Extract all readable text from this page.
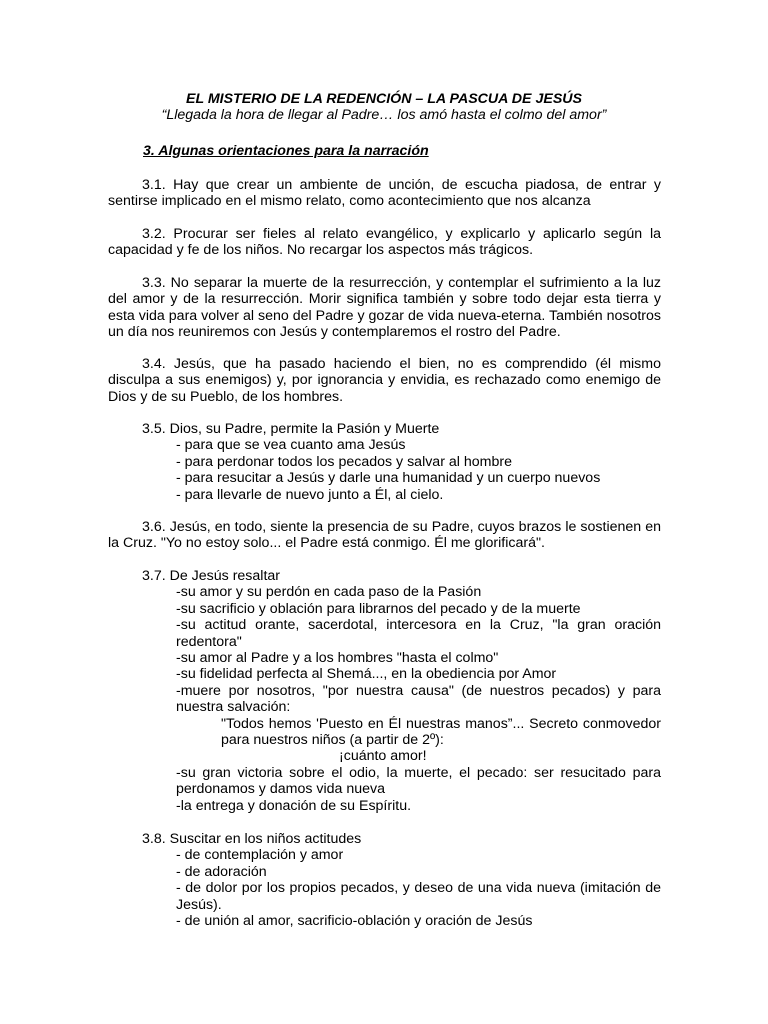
EL MISTERIO DE LA REDENCIÓN – LA PASCUA DE JESÚS
“Llegada la hora de llegar al Padre… los amó hasta el colmo del amor”
3. Algunas orientaciones para la narración
3.1. Hay que crear un ambiente de unción, de escucha piadosa, de entrar y sentirse implicado en el mismo relato, como acontecimiento que nos alcanza
3.2. Procurar ser fieles al relato evangélico, y explicarlo y aplicarlo según la capacidad y fe de los niños. No recargar los aspectos más trágicos.
3.3. No separar la muerte de la resurrección, y contemplar el sufrimiento a la luz del amor y de la resurrección. Morir significa también y sobre todo dejar esta tierra y esta vida para volver al seno del Padre y gozar de vida nueva-eterna. También nosotros un día nos reuniremos con Jesús y contemplaremos el rostro del Padre.
3.4. Jesús, que ha pasado haciendo el bien, no es comprendido (él mismo disculpa a sus enemigos) y, por ignorancia y envidia, es rechazado como enemigo de Dios y de su Pueblo, de los hombres.
3.5. Dios, su Padre, permite la Pasión y Muerte
- para que se vea cuanto ama Jesús
- para perdonar todos los pecados y salvar al hombre
- para resucitar a Jesús y darle una humanidad y un cuerpo nuevos
- para llevarle de nuevo junto a Él, al cielo.
3.6. Jesús, en todo, siente la presencia de su Padre, cuyos brazos le sostienen en la Cruz. "Yo no estoy solo... el Padre está conmigo. Él me glorificará".
3.7. De Jesús resaltar
-su amor y su perdón en cada paso de la Pasión
-su sacrificio y oblación para librarnos del pecado y de la muerte
-su actitud orante, sacerdotal, intercesora en la Cruz, "la gran oración redentora"
-su amor al Padre y a los hombres "hasta el colmo"
-su fidelidad perfecta al Shemá..., en la obediencia por Amor
-muere por nosotros, "por nuestra causa" (de nuestros pecados) y para nuestra salvación:
"Todos hemos 'Puesto en Él nuestras manos”... Secreto conmovedor para nuestros niños (a partir de 2º):
¡cuánto amor!
-su gran victoria sobre el odio, la muerte, el pecado: ser resucitado para perdonamos y damos vida nueva
-la entrega y donación de su Espíritu.
3.8. Suscitar en los niños actitudes
- de contemplación y amor
- de adoración
- de dolor por los propios pecados, y deseo de una vida nueva (imitación de Jesús).
- de unión al amor, sacrificio-oblación y oración de Jesús
